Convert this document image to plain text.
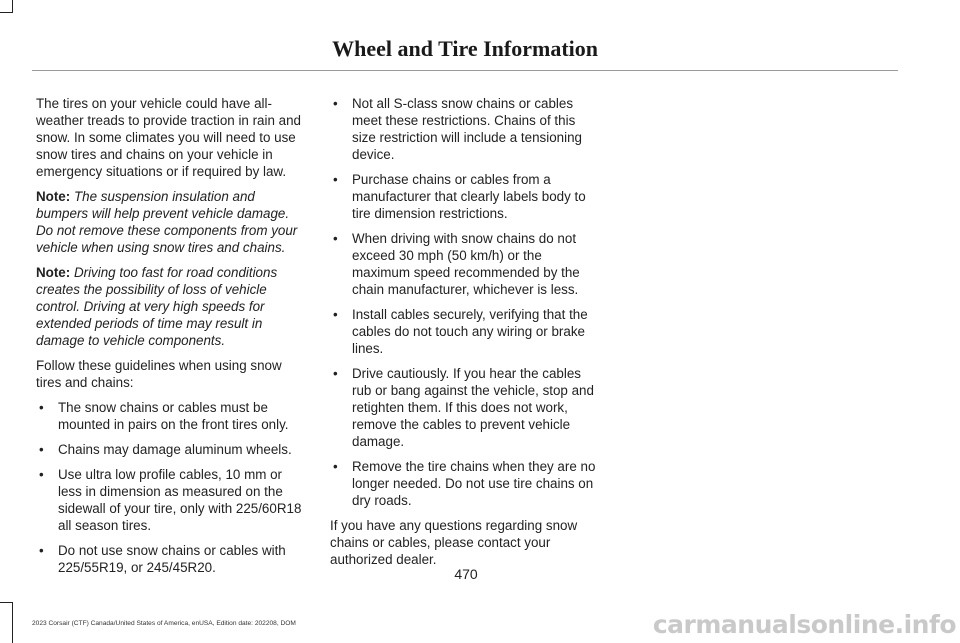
Wheel and Tire Information

The tires on your vehicle could have all-weather treads to provide traction in rain and snow. In some climates you will need to use snow tires and chains on your vehicle in emergency situations or if required by law.

Note: The suspension insulation and bumpers will help prevent vehicle damage. Do not remove these components from your vehicle when using snow tires and chains.

Note: Driving too fast for road conditions creates the possibility of loss of vehicle control. Driving at very high speeds for extended periods of time may result in damage to vehicle components.

Follow these guidelines when using snow tires and chains:

• The snow chains or cables must be mounted in pairs on the front tires only.
• Chains may damage aluminum wheels.
• Use ultra low profile cables, 10 mm or less in dimension as measured on the sidewall of your tire, only with 225/60R18 all season tires.
• Do not use snow chains or cables with 225/55R19, or 245/45R20.
• Not all S-class snow chains or cables meet these restrictions. Chains of this size restriction will include a tensioning device.
• Purchase chains or cables from a manufacturer that clearly labels body to tire dimension restrictions.
• When driving with snow chains do not exceed 30 mph (50 km/h) or the maximum speed recommended by the chain manufacturer, whichever is less.
• Install cables securely, verifying that the cables do not touch any wiring or brake lines.
• Drive cautiously. If you hear the cables rub or bang against the vehicle, stop and retighten them. If this does not work, remove the cables to prevent vehicle damage.
• Remove the tire chains when they are no longer needed. Do not use tire chains on dry roads.

If you have any questions regarding snow chains or cables, please contact your authorized dealer.

470
2023 Corsair (CTF) Canada/United States of America, enUSA, Edition date: 202208, DOM	carmanualsonline.info
